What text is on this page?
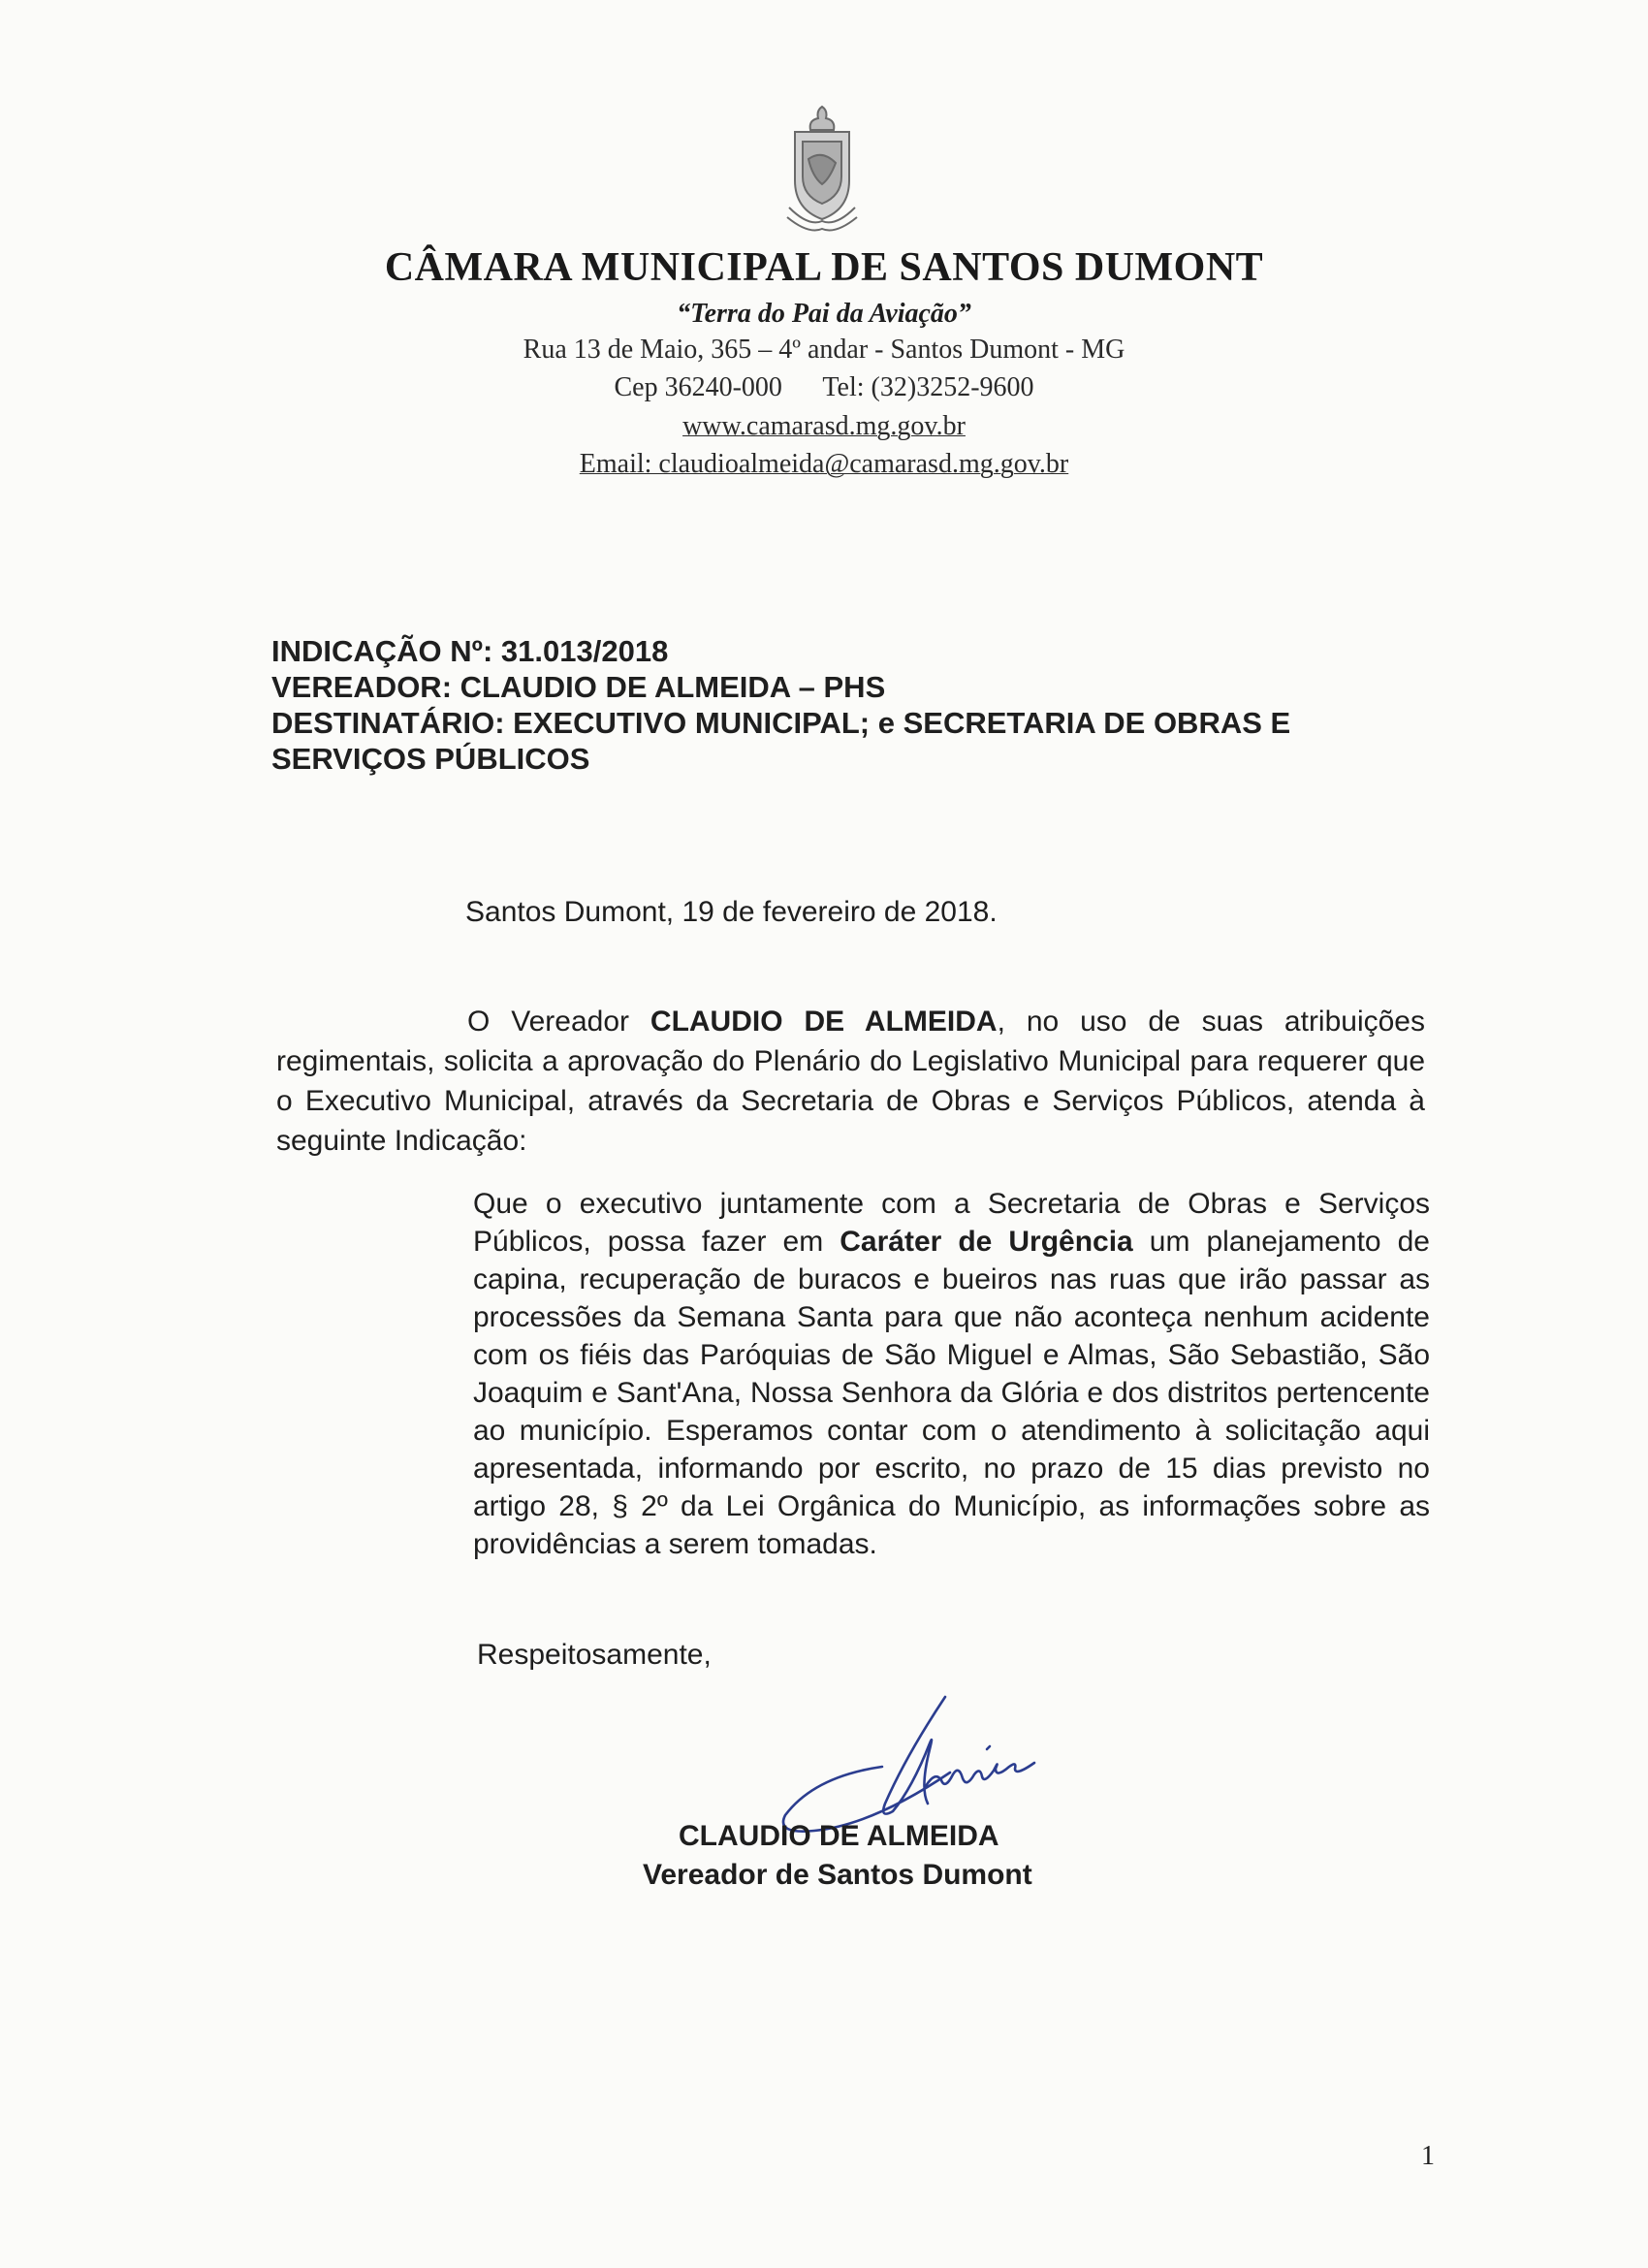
CÂMARA MUNICIPAL DE SANTOS DUMONT
“Terra do Pai da Aviação”
Rua 13 de Maio, 365 – 4º andar - Santos Dumont - MG
Cep 36240-000      Tel: (32)3252-9600
www.camarasd.mg.gov.br
Email: claudioalmeida@camarasd.mg.gov.br
INDICAÇÃO Nº: 31.013/2018
VEREADOR: CLAUDIO DE ALMEIDA – PHS
DESTINATÁRIO: EXECUTIVO MUNICIPAL; e SECRETARIA DE OBRAS E
SERVIÇOS PÚBLICOS
Santos Dumont, 19 de fevereiro de 2018.
O Vereador CLAUDIO DE ALMEIDA, no uso de suas atribuições regimentais, solicita a aprovação do Plenário do Legislativo Municipal para requerer que o Executivo Municipal, através da Secretaria de Obras e Serviços Públicos, atenda à seguinte Indicação:
Que o executivo juntamente com a Secretaria de Obras e Serviços Públicos, possa fazer em Caráter de Urgência um planejamento de capina, recuperação de buracos e bueiros nas ruas que irão passar as processões da Semana Santa para que não aconteça nenhum acidente com os fiéis das Paróquias de São Miguel e Almas, São Sebastião, São Joaquim e Sant'Ana, Nossa Senhora da Glória e dos distritos pertencente ao município. Esperamos contar com o atendimento à solicitação aqui apresentada, informando por escrito, no prazo de 15 dias previsto no artigo 28, § 2º da Lei Orgânica do Município, as informações sobre as providências a serem tomadas.
Respeitosamente,
CLAUDIO DE ALMEIDA
Vereador de Santos Dumont
1
